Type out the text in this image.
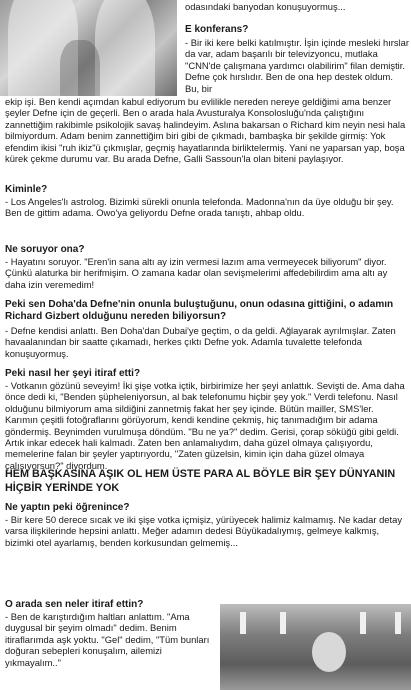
odasındaki banyodan konuşuyormuş...

E konferans?

- Bir iki kere belki katılmıştır. İşin içinde mesleki hırslar da var, adam başarılı bir televizyoncu, mutlaka "CNN'de çalışmana yardımcı olabilirim" filan demiştir. Defne çok hırslıdır. Ben de ona hep destek oldum. Bu, bir

ekip işi. Ben kendi açımdan kabul ediyorum bu evlilikle nereden nereye geldiğimi ama benzer şeyler Defne için de geçerli. Ben o arada hala Avusturalya Konsolosluğu'nda çalıştığını zannettiğim rakibimle psikolojik savaş halindeyim. Aslına bakarsan o Richard kim neyin nesi hala bilmiyordum. Adam benim zannettiğim biri gibi de çıkmadı, bambaşka bir şekilde girmiş: Yok efendim ikisi "ruh ikiz"ü çıkmışlar, geçmiş hayatlarında birliktelermiş. Yani ne yaparsan yap, boşa kürek çekme durumu var. Bu arada Defne, Galli Sassoun'la olan biteni paylaşıyor.

Kiminle?

- Los Angeles'lı astrolog. Bizimki sürekli onunla telefonda. Madonna'nın da üye olduğu bir şey. Ben de gittim adama. Owo'ya geliyordu Defne orada tanıştı, ahbap oldu.

Ne soruyor ona?

- Hayatını soruyor. "Eren'in sana altı ay izin vermesi lazım ama vermeyecek biliyorum" diyor. Çünkü alaturka bir herifmişim. O zamana kadar olan sevişmelerimi affedebilirdim ama altı ay daha izin veremedim!

Peki sen Doha'da Defne'nin onunla buluştuğunu, onun odasına gittiğini, o adamın Richard Gizbert olduğunu nereden biliyorsun?

- Defne kendisi anlattı. Ben Doha'dan Dubai'ye geçtim, o da geldi. Ağlayarak ayrılmışlar. Zaten havaalanından bir saatte çıkamadı, herkes çıktı Defne yok. Adamla tuvalette telefonda konuşuyormuş.

Peki nasıl her şeyi itiraf etti?

- Votkanın gözünü seveyim! İki şişe votka içtik, birbirimize her şeyi anlattık. Sevişti de. Ama daha önce dedi ki, "Benden şüpheleniyorsun, al bak telefonumu hiçbir şey yok." Verdi telefonu. Nasıl olduğunu bilmiyorum ama sildiğini zannetmiş fakat her şey içinde. Bütün mailler, SMS'ler. Karımın çeşitli fotoğraflarını görüyorum, kendi kendine çekmiş, hiç tanımadığım bir adama göndermiş. Beynimden vurulmuşa döndüm. "Bu ne ya?" dedim. Gerisi, çorap söküğü gibi geldi. Artık inkar edecek hali kalmadı. Zaten ben anlamalıydım, daha güzel olmaya çalışıyordu, memelerine falan bir şeyler yaptırıyordu, "Zaten güzelsin, kimin için daha güzel olmaya çalışıyorsun?" diyordum.

HEM BAŞKASINA AŞIK OL HEM ÜSTE PARA AL BÖYLE BİR ŞEY DÜNYANIN HİÇBİR YERİNDE YOK

Ne yaptın peki öğrenince?

- Bir kere 50 derece sıcak ve iki şişe votka içmişiz, yürüyecek halimiz kalmamış. Ne kadar detay varsa ilişkilerinde hepsini anlattı. Meğer adamın dedesi Büyükadalıymış, gelmeye kalkmış, bizimki otel ayarlamış, benden korkusundan gelmemiş...

O arada sen neler itiraf ettin?

- Ben de karıştırdığım haltları anlattım. "Ama duygusal bir şeyim olmadı" dedim. Benim itiraflarımda aşk yoktu. "Gel" dedim, "Tüm bunları doğuran sebepleri konuşalım, ailemizi yıkmayalım.."
